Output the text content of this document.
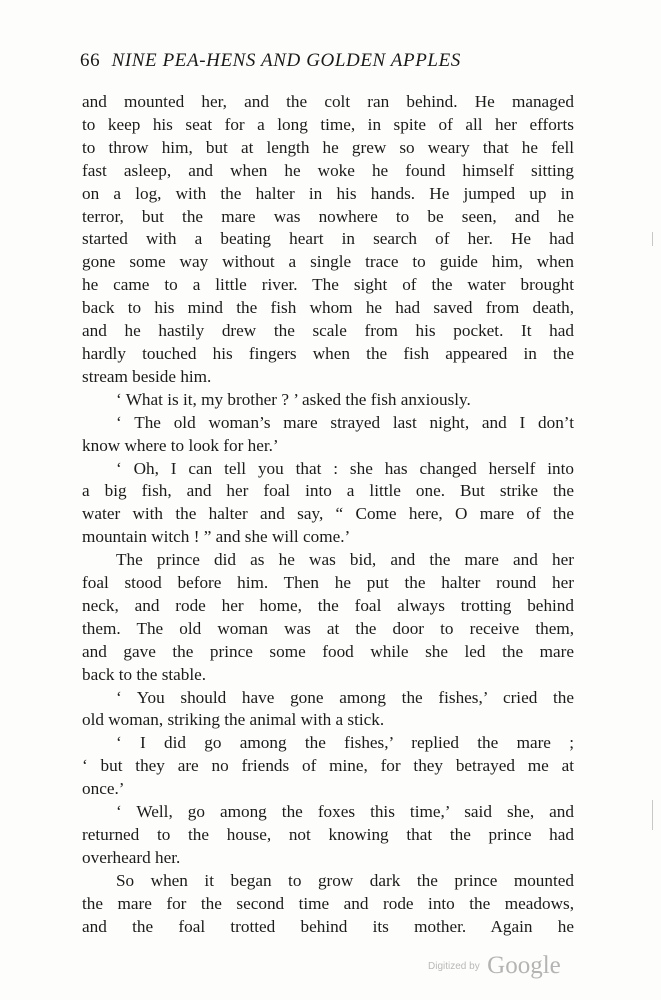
66 NINE PEA-HENS AND GOLDEN APPLES
and mounted her, and the colt ran behind. He managed
to keep his seat for a long time, in spite of all her efforts
to throw him, but at length he grew so weary that he fell
fast asleep, and when he woke he found himself sitting
on a log, with the halter in his hands. He jumped up in
terror, but the mare was nowhere to be seen, and he
started with a beating heart in search of her. He had
gone some way without a single trace to guide him, when
he came to a little river. The sight of the water brought
back to his mind the fish whom he had saved from death,
and he hastily drew the scale from his pocket. It had
hardly touched his fingers when the fish appeared in the
stream beside him.
‘ What is it, my brother ? ’ asked the fish anxiously.
‘ The old woman’s mare strayed last night, and I don’t
know where to look for her.’
‘ Oh, I can tell you that : she has changed herself into
a big fish, and her foal into a little one. But strike the
water with the halter and say, “ Come here, O mare of the
mountain witch ! ” and she will come.’
The prince did as he was bid, and the mare and her
foal stood before him. Then he put the halter round her
neck, and rode her home, the foal always trotting behind
them. The old woman was at the door to receive them,
and gave the prince some food while she led the mare
back to the stable.
‘ You should have gone among the fishes,’ cried the
old woman, striking the animal with a stick.
‘ I did go among the fishes,’ replied the mare ;
‘ but they are no friends of mine, for they betrayed me at
once.’
‘ Well, go among the foxes this time,’ said she, and
returned to the house, not knowing that the prince had
overheard her.
So when it began to grow dark the prince mounted
the mare for the second time and rode into the meadows,
and the foal trotted behind its mother. Again he
Digitized by Google
